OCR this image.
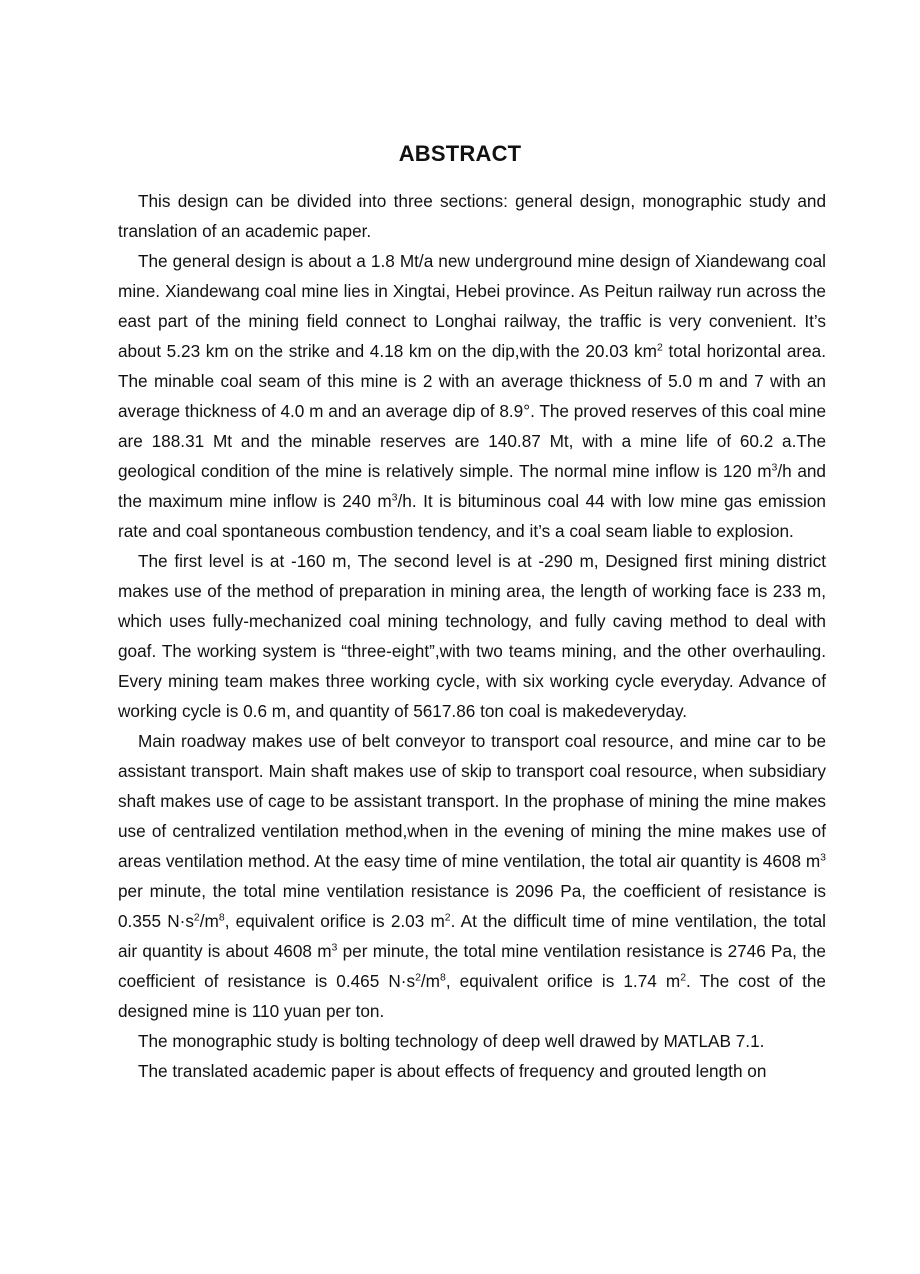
ABSTRACT

This design can be divided into three sections: general design, monographic study and translation of an academic paper.

The general design is about a 1.8 Mt/a new underground mine design of Xiandewang coal mine. Xiandewang coal mine lies in Xingtai, Hebei province. As Peitun railway run across the east part of the mining field connect to Longhai railway, the traffic is very convenient. It’s about 5.23 km on the strike and 4.18 km on the dip,with the 20.03 $km^2$ total horizontal area. The minable coal seam of this mine is 2 with an average thickness of 5.0 m and 7 with an average thickness of 4.0 m and an average dip of 8.9°. The proved reserves of this coal mine are 188.31 Mt and the minable reserves are 140.87 Mt, with a mine life of 60.2 a.The geological condition of the mine is relatively simple. The normal mine inflow is 120 $m^3/h$ and the maximum mine inflow is 240 $m^3/h$. It is bituminous coal 44 with low mine gas emission rate and coal spontaneous combustion tendency, and it’s a coal seam liable to explosion.

The first level is at -160 m, The second level is at -290 m, Designed first mining district makes use of the method of preparation in mining area, the length of working face is 233 m, which uses fully-mechanized coal mining technology, and fully caving method to deal with goaf. The working system is “three-eight”,with two teams mining, and the other overhauling. Every mining team makes three working cycle, with six working cycle everyday. Advance of working cycle is 0.6 m, and quantity of 5617.86 ton coal is makedeveryday.

Main roadway makes use of belt conveyor to transport coal resource, and mine car to be assistant transport. Main shaft makes use of skip to transport coal resource, when subsidiary shaft makes use of cage to be assistant transport. In the prophase of mining the mine makes use of centralized ventilation method,when in the evening of mining the mine makes use of areas ventilation method. At the easy time of mine ventilation, the total air quantity is 4608 $m^3$ per minute, the total mine ventilation resistance is 2096 Pa, the coefficient of resistance is 0.355 $N\cdot s^2/m^8$, equivalent orifice is 2.03 $m^2$. At the difficult time of mine ventilation, the total air quantity is about 4608 $m^3$ per minute, the total mine ventilation resistance is 2746 Pa, the coefficient of resistance is 0.465 $N\cdot s^2/m^8$, equivalent orifice is 1.74 $m^2$. The cost of the designed mine is 110 yuan per ton.

The monographic study is bolting technology of deep well drawed by MATLAB 7.1.

The translated academic paper is about effects of frequency and grouted length on
